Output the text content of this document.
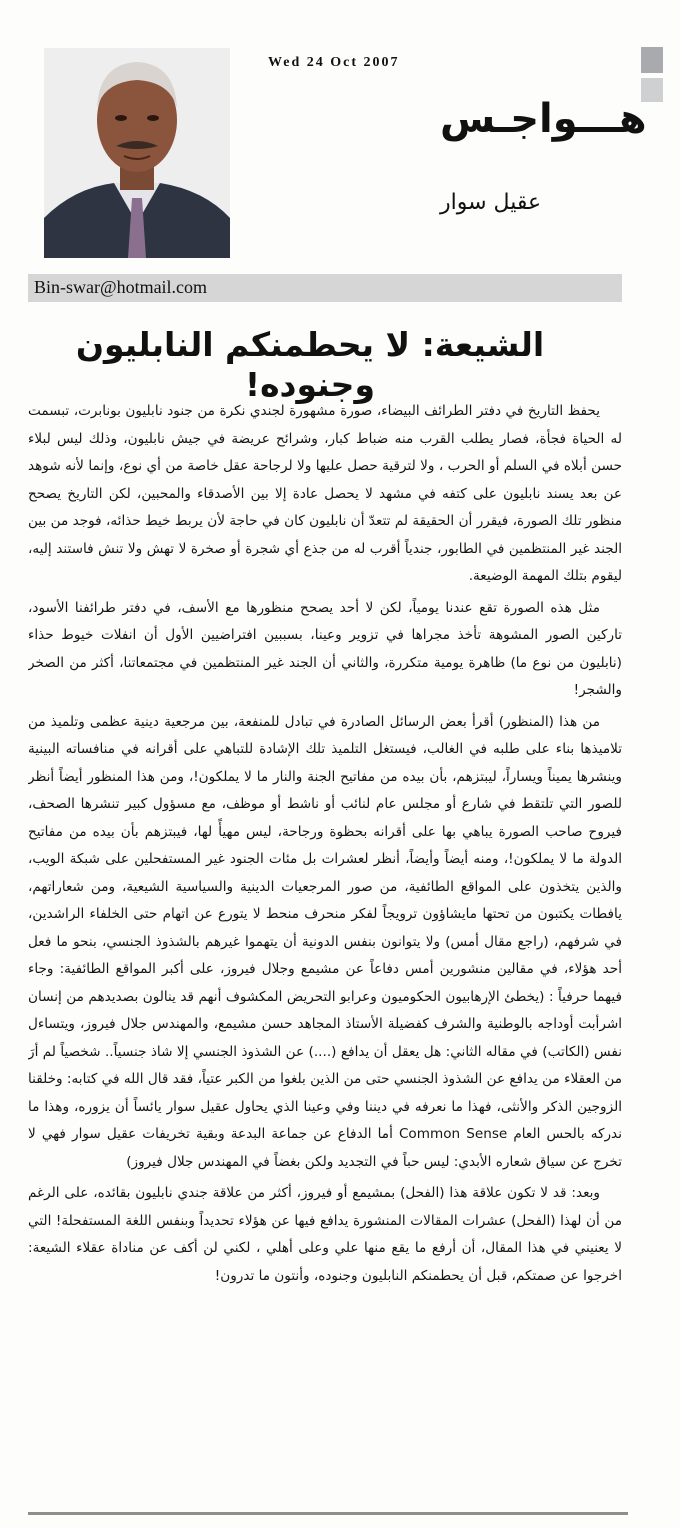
Wed 24 Oct 2007
هـــواجـس
عقيل سوار
Bin-swar@hotmail.com
الشيعة: لا يحطمنكم النابليون وجنوده!

يحفظ التاريخ في دفتر الطرائف البيضاء، صورة مشهورة لجندي نكرة من جنود نابليون بونابرت، تبسمت له الحياة فجأة، فصار يطلب القرب منه ضباط كبار، وشرائح عريضة في جيش نابليون، وذلك ليس لبلاء حسن أبلاه في السلم أو الحرب ، ولا لترقية حصل عليها ولا لرجاحة عقل خاصة من أي نوع، وإنما لأنه شوهد عن بعد يسند نابليون على كتفه في مشهد لا يحصل عادة إلا بين الأصدقاء والمحبين، لكن التاريخ يصحح منظور تلك الصورة، فيقرر أن الحقيقة لم تتعدّ أن نابليون كان في حاجة لأن يربط خيط حذائه، فوجد من بين الجند غير المنتظمين في الطابور، جندياً أقرب له من جذع أي شجرة أو صخرة لا تهش ولا تنش فاستند إليه، ليقوم بتلك المهمة الوضيعة.

مثل هذه الصورة تقع عندنا يومياً، لكن لا أحد يصحح منظورها مع الأسف، في دفتر طرائفنا الأسود، تاركين الصور المشوهة تأخذ مجراها في تزوير وعينا، بسببين افتراضيين الأول أن انفلات خيوط حذاء (نابليون من نوع ما) ظاهرة يومية متكررة، والثاني أن الجند غير المنتظمين في مجتمعاتنا، أكثر من الصخر والشجر!

من هذا (المنظور) أقرأ بعض الرسائل الصادرة في تبادل للمنفعة، بين مرجعية دينية عظمى وتلميذ من تلاميذها بناء على طلبه في الغالب، فيستغل التلميذ تلك الإشادة للتباهي على أقرانه في منافساته البينية وينشرها يميناً ويساراً، ليبتزهم، بأن بيده من مفاتيح الجنة والنار ما لا يملكون!، ومن هذا المنظور أيضاً أنظر للصور التي تلتقط في شارع أو مجلس عام لنائب أو ناشط أو موظف، مع مسؤول كبير تنشرها الصحف، فيروح صاحب الصورة يباهي بها على أقرانه بحظوة ورجاحة، ليس مهيأً لها، فيبتزهم بأن بيده من مفاتيح الدولة ما لا يملكون!، ومنه أيضاً وأيضاً، أنظر لعشرات بل مئات الجنود غير المستفحلين على شبكة الويب، والذين يتخذون على المواقع الطائفية، من صور المرجعيات الدينية والسياسية الشيعية، ومن شعاراتهم، يافطات يكتبون من تحتها مايشاؤون ترويجاً لفكر منحرف منحط لا يتورع عن اتهام حتى الخلفاء الراشدين، في شرفهم، (راجع مقال أمس) ولا يتوانون بنفس الدونية أن يتهموا غيرهم بالشذوذ الجنسي، بنحو ما فعل أحد هؤلاء، في مقالين منشورين أمس دفاعاً عن مشيمع وجلال فيروز، على أكبر المواقع الطائفية: وجاء فيهما حرفياً : (يخطئ الإرهابيون الحكوميون وعرابو التحريض المكشوف أنهم قد ينالون بصديدهم من إنسان اشرأبت أوداجه بالوطنية والشرف كفضيلة الأستاذ المجاهد حسن مشيمع، والمهندس جلال فيروز، ويتساءل نفس (الكاتب) في مقاله الثاني: هل يعقل أن يدافع (....) عن الشذوذ الجنسي إلا شاذ جنسياً.. شخصياً لم أرَ من العقلاء من يدافع عن الشذوذ الجنسي حتى من الذين بلغوا من الكبر عتياً، فقد قال الله في كتابه: وخلقنا الزوجين الذكر والأنثى، فهذا ما نعرفه في ديننا وفي وعينا الذي يحاول عقيل سوار يائساً أن يزوره، وهذا ما ندركه بالحس العام Common Sense أما الدفاع عن جماعة البدعة وبقية تخريفات عقيل سوار فهي لا تخرج عن سياق شعاره الأبدي: ليس حباً في التجديد ولكن بغضاً في المهندس جلال فيروز)

وبعد: قد لا تكون علاقة هذا (الفحل) بمشيمع أو فيروز، أكثر من علاقة جندي نابليون بقائده، على الرغم من أن لهذا (الفحل) عشرات المقالات المنشورة يدافع فيها عن هؤلاء تحديداً وبنفس اللغة المستفحلة! التي لا يعنيني في هذا المقال، أن أرفع ما يقع منها علي وعلى أهلي ، لكني لن أكف عن مناداة عقلاء الشيعة: اخرجوا عن صمتكم، قبل أن يحطمنكم النابليون وجنوده، وأنتون ما تدرون!
